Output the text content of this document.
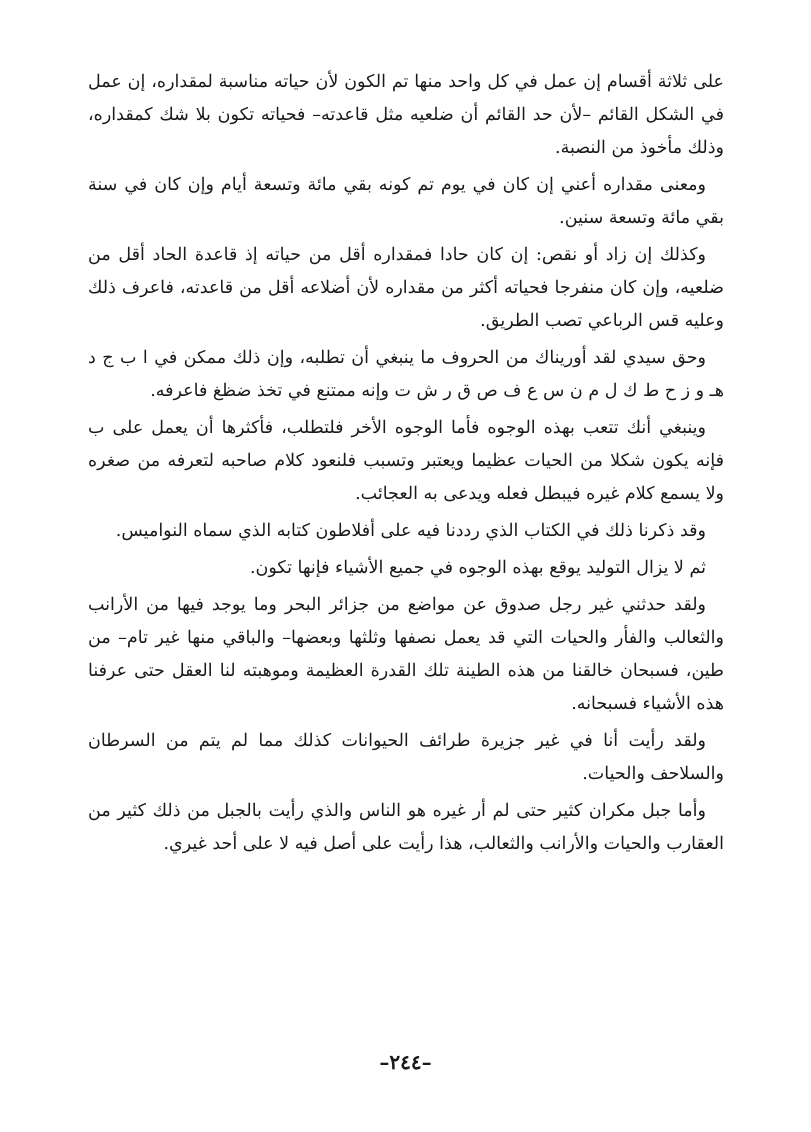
على ثلاثة أقسام إن عمل في كل واحد منها تم الكون لأن حياته مناسبة لمقداره، إن عمل في الشكل القائم –لأن حد القائم أن ضلعيه مثل قاعدته– فحياته تكون بلا شك كمقداره، وذلك مأخوذ من النصبة.

ومعنى مقداره أعني إن كان في يوم تم كونه بقي مائة وتسعة أيام وإن كان في سنة بقي مائة وتسعة سنين.

وكذلك إن زاد أو نقص: إن كان حادا فمقداره أقل من حياته إذ قاعدة الحاد أقل من ضلعيه، وإن كان منفرجا فحياته أكثر من مقداره لأن أضلاعه أقل من قاعدته، فاعرف ذلك وعليه قس الرباعي تصب الطريق.

وحق سيدي لقد أوريناك من الحروف ما ينبغي أن تطلبه، وإن ذلك ممكن في ا ب ج د هـ و ز ح ط ك ل م ن س ع ف ص ق ر ش ت وإنه ممتنع في تخذ ضظغ فاعرفه.

وينبغي أنك تتعب بهذه الوجوه فأما الوجوه الأخر فلتطلب، فأكثرها أن يعمل على ب فإنه يكون شكلا من الحيات عظيما ويعتبر وتسبب فلنعود كلام صاحبه لتعرفه من صغره ولا يسمع كلام غيره فيبطل فعله ويدعى به العجائب.

وقد ذكرنا ذلك في الكتاب الذي رددنا فيه على أفلاطون كتابه الذي سماه النواميس.

ثم لا يزال التوليد يوقع بهذه الوجوه في جميع الأشياء فإنها تكون.

ولقد حدثني غير رجل صدوق عن مواضع من جزائر البحر وما يوجد فيها من الأرانب والثعالب والفأر والحيات التي قد يعمل نصفها وثلثها وبعضها– والباقي منها غير تام– من طين، فسبحان خالقنا من هذه الطينة تلك القدرة العظيمة وموهبته لنا العقل حتى عرفنا هذه الأشياء فسبحانه.

ولقد رأيت أنا في غير جزيرة طرائف الحيوانات كذلك مما لم يتم من السرطان والسلاحف والحيات.

وأما جبل مكران كثير حتى لم أر غيره هو الناس والذي رأيت بالجبل من ذلك كثير من العقارب والحيات والأرانب والثعالب، هذا رأيت على أصل فيه لا على أحد غيري.

–٢٤٤–
